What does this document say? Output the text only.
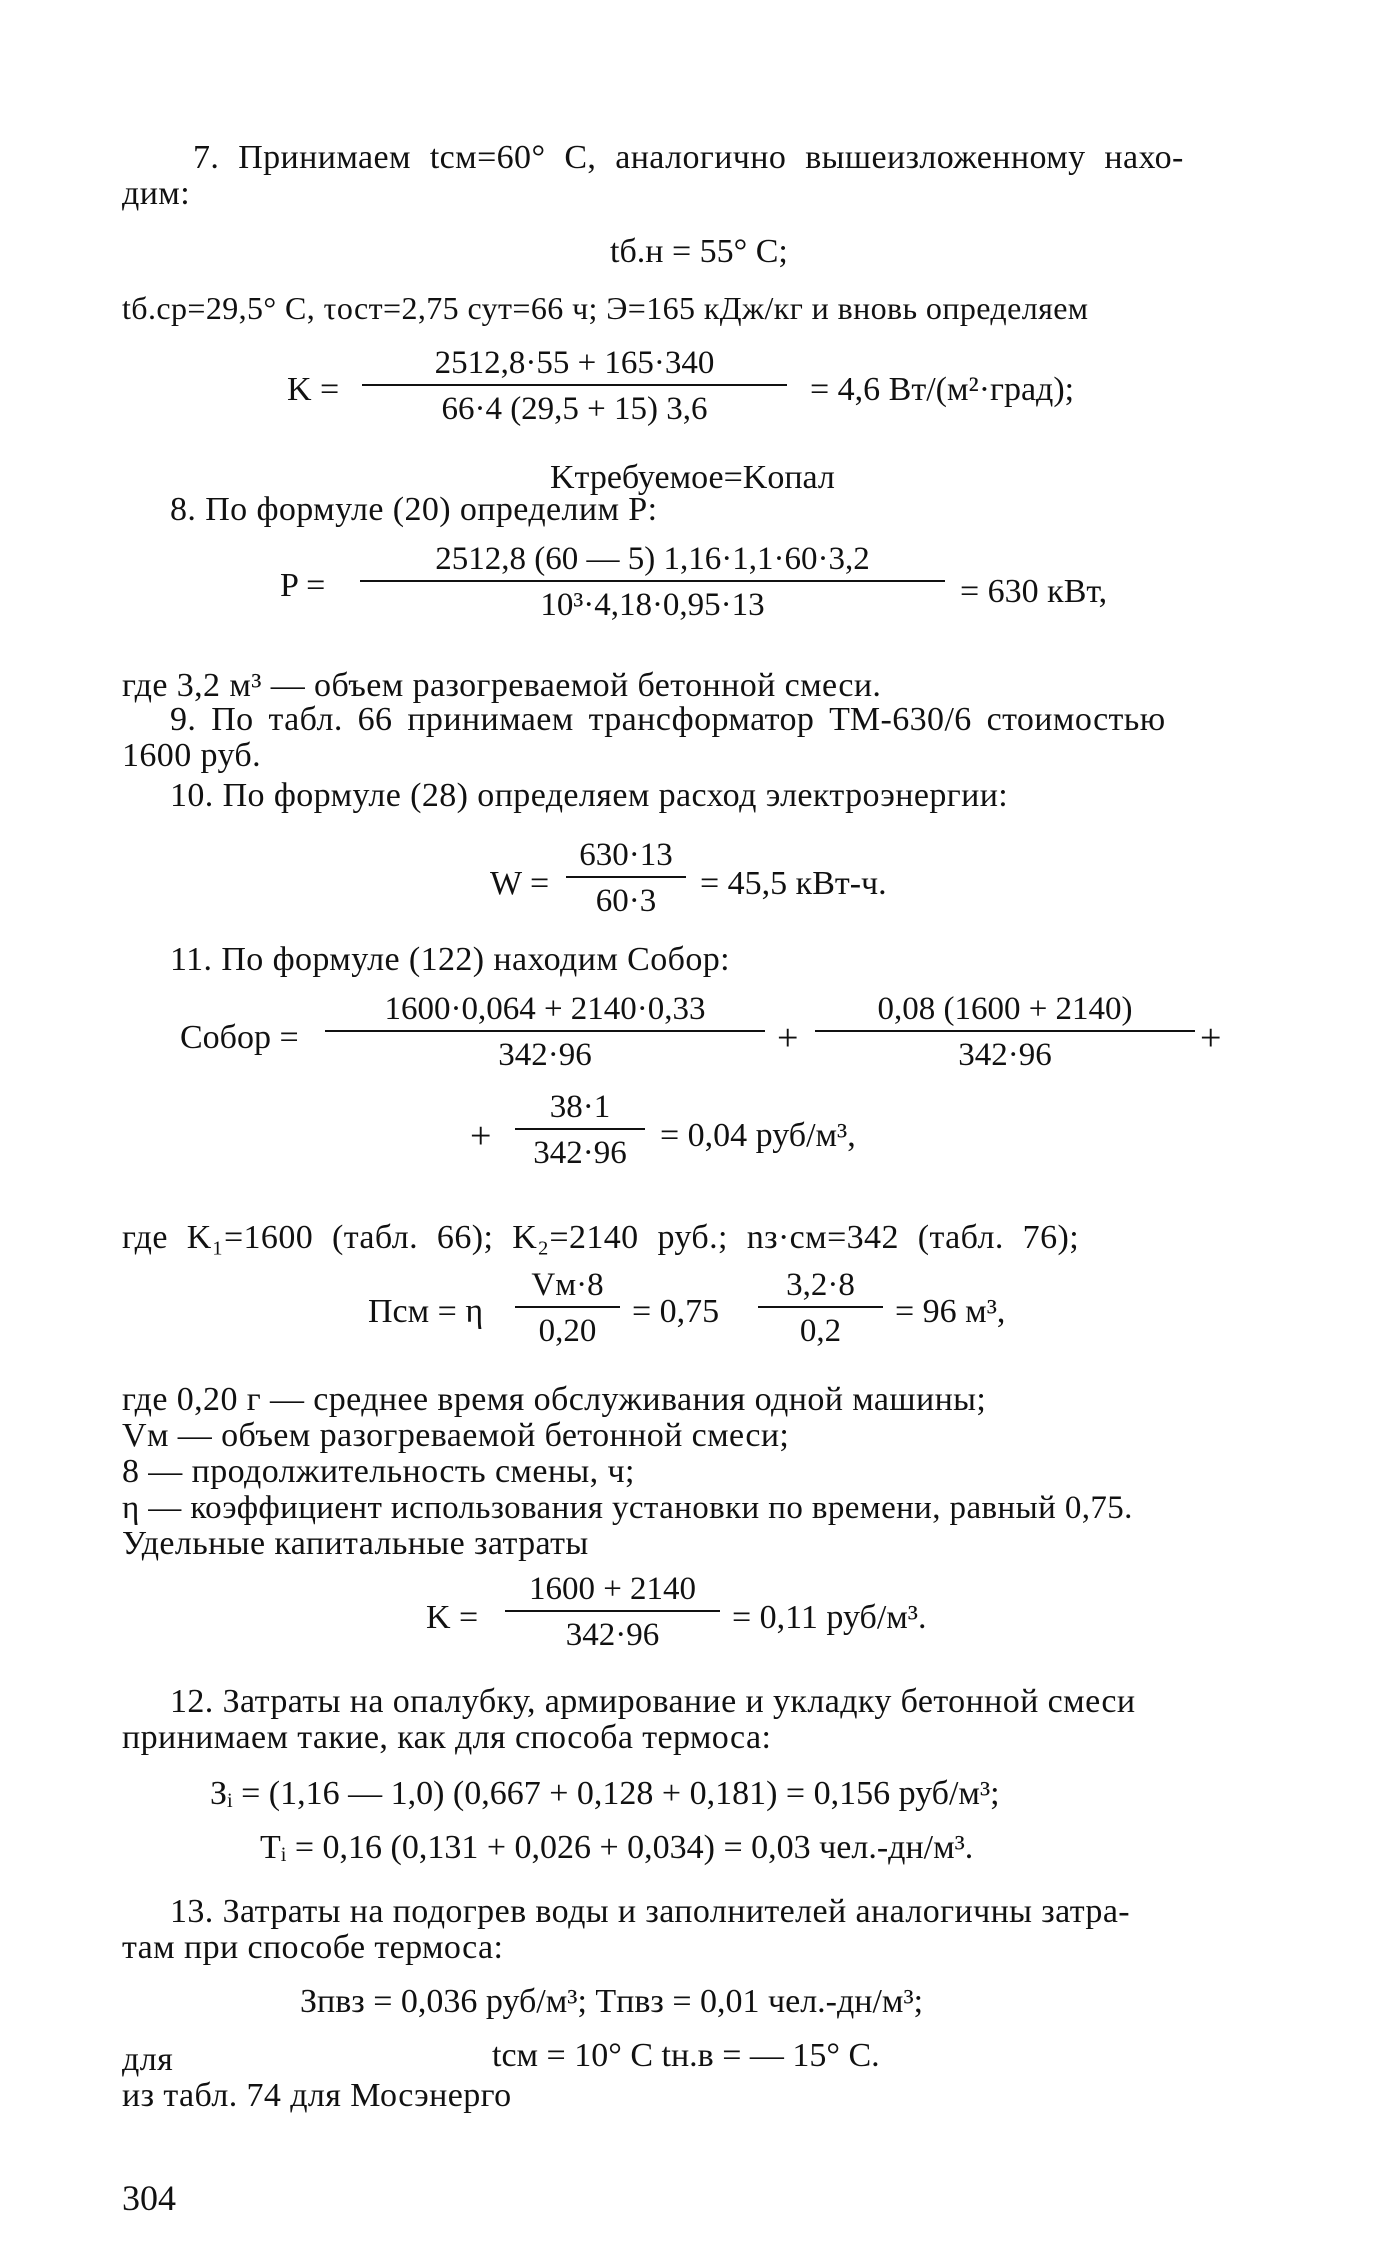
7. Принимаем tсм=60° С, аналогично вышеизложенному нахо-
дим:
tб.н = 55° С;
tб.ср=29,5° С, τост=2,75 сут=66 ч; Э=165 кДж/кг и вновь определяем
K =
2512,8·55 + 165·340
66·4 (29,5 + 15) 3,6
= 4,6 Вт/(м²·град);
Kтребуемое=Kопал
8. По формуле (20) определим P:
P =
2512,8 (60 — 5) 1,16·1,1·60·3,2
10³·4,18·0,95·13	= 630 кВт,
где 3,2 м³ — объем разогреваемой бетонной смеси.
9. По табл. 66 принимаем трансформатор ТМ-630/6 стоимостью
1600 руб.
10. По формуле (28) определяем расход электроэнергии:
W =
630·13
60·3	= 45,5 кВт-ч.
11. По формуле (122) находим Cобор:
Cобор =
1600·0,064 + 2140·0,33
342·96	+
0,08 (1600 + 2140)
342·96	+
+
38·1
342·96 = 0,04 руб/м³,
где K₁=1600 (табл. 66); K₂=2140 руб.; nз·см=342 (табл. 76);
Псм = η
Vм·8
0,20
= 0,75
3,2·8
0,2
= 96 м³,
где 0,20 г — среднее время обслуживания одной машины;
Vм — объем разогреваемой бетонной смеси;
8 — продолжительность смены, ч;
η — коэффициент использования установки по времени, равный 0,75.
Удельные капитальные затраты
K =
1600 + 2140
342·96	= 0,11 руб/м³.
12. Затраты на опалубку, армирование и укладку бетонной смеси
принимаем такие, как для способа термоса:
Зᵢ = (1,16 — 1,0) (0,667 + 0,128 + 0,181) = 0,156 руб/м³;
Tᵢ = 0,16 (0,131 + 0,026 + 0,034) = 0,03 чел.-дн/м³.
13. Затраты на подогрев воды и заполнителей аналогичны затра-
там при способе термоса:
Зпвз = 0,036 руб/м³; Tпвз = 0,01 чел.-дн/м³;
для	tсм = 10° С tн.в = — 15° С.
из табл. 74 для Мосэнерго
304
